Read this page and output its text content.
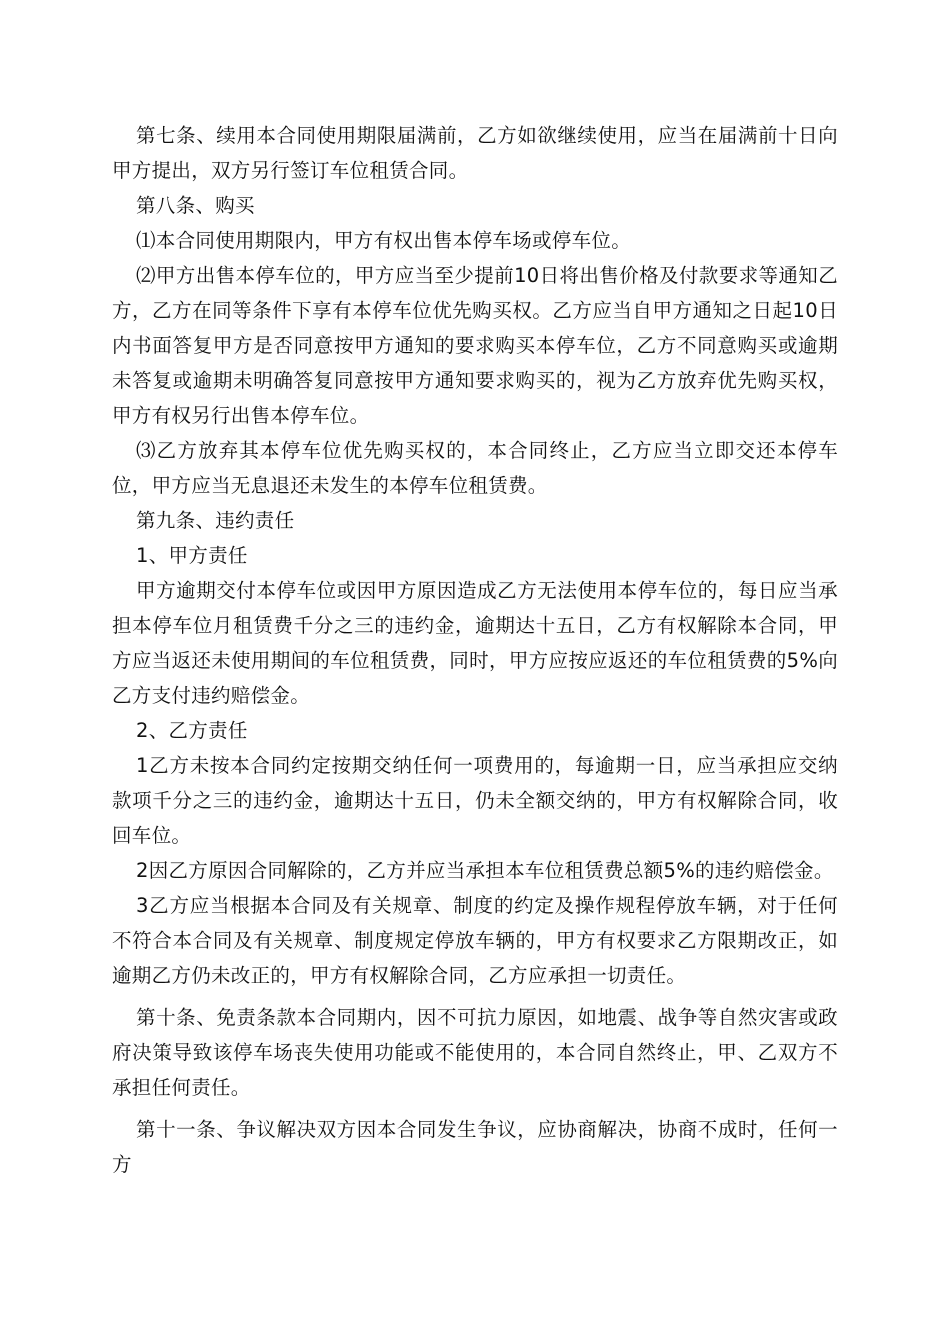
第七条、续用本合同使用期限届满前，乙方如欲继续使用，应当在届满前十日向甲方提出，双方另行签订车位租赁合同。

第八条、购买

⑴本合同使用期限内，甲方有权出售本停车场或停车位。

⑵甲方出售本停车位的，甲方应当至少提前10日将出售价格及付款要求等通知乙方，乙方在同等条件下享有本停车位优先购买权。乙方应当自甲方通知之日起10日内书面答复甲方是否同意按甲方通知的要求购买本停车位，乙方不同意购买或逾期未答复或逾期未明确答复同意按甲方通知要求购买的，视为乙方放弃优先购买权，甲方有权另行出售本停车位。

⑶乙方放弃其本停车位优先购买权的，本合同终止，乙方应当立即交还本停车位，甲方应当无息退还未发生的本停车位租赁费。

第九条、违约责任

1、甲方责任

甲方逾期交付本停车位或因甲方原因造成乙方无法使用本停车位的，每日应当承担本停车位月租赁费千分之三的违约金，逾期达十五日，乙方有权解除本合同，甲方应当返还未使用期间的车位租赁费，同时，甲方应按应返还的车位租赁费的5%向乙方支付违约赔偿金。

2、乙方责任

1乙方未按本合同约定按期交纳任何一项费用的，每逾期一日，应当承担应交纳款项千分之三的违约金，逾期达十五日，仍未全额交纳的，甲方有权解除合同，收回车位。

2因乙方原因合同解除的，乙方并应当承担本车位租赁费总额5%的违约赔偿金。

3乙方应当根据本合同及有关规章、制度的约定及操作规程停放车辆，对于任何不符合本合同及有关规章、制度规定停放车辆的，甲方有权要求乙方限期改正，如逾期乙方仍未改正的，甲方有权解除合同，乙方应承担一切责任。

第十条、免责条款本合同期内，因不可抗力原因，如地震、战争等自然灾害或政府决策导致该停车场丧失使用功能或不能使用的，本合同自然终止，甲、乙双方不承担任何责任。

第十一条、争议解决双方因本合同发生争议，应协商解决，协商不成时，任何一方
